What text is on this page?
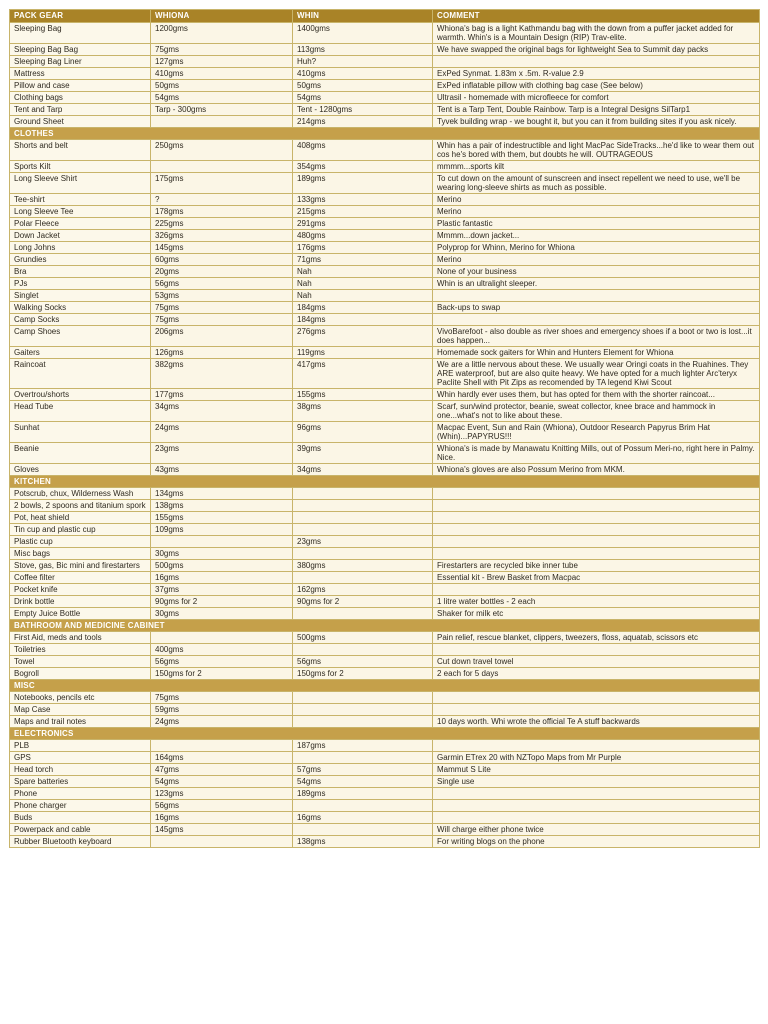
PACK GEAR	WHIONA	WHIN	COMMENT
Sleeping Bag	1200gms	1400gms	Whiona's bag is a light Kathmandu bag with the down from a puffer jacket added for warmth. Whin's is a Mountain Design (RIP) Trav-elite.
Sleeping Bag Bag	75gms	113gms	We have swapped the original bags for lightweight Sea to Summit day packs
Sleeping Bag Liner	127gms	Huh?	
Mattress	410gms	410gms	ExPed Synmat. 1.83m x .5m. R-value 2.9
Pillow and case	50gms	50gms	ExPed inflatable pillow with clothing bag case (See below)
Clothing bags	54gms	54gms	Ultrasil - homemade with microfleece for comfort
Tent and Tarp	Tarp - 300gms	Tent - 1280gms	Tent is a Tarp Tent, Double Rainbow. Tarp is a Integral Designs SilTarp1
Ground Sheet		214gms	Tyvek building wrap - we bought it, but you can it from building sites if you ask nicely.
CLOTHES			
Shorts and belt	250gms	408gms	Whin has a pair of indestructible and light MacPac SideTracks...he'd like to wear them out cos he's bored with them, but doubts he will. OUTRAGEOUS
Sports Kilt		354gms	mmmm...sports kilt
Long Sleeve Shirt	175gms	189gms	To cut down on the amount of sunscreen and insect repellent we need to use, we'll be wearing long-sleeve shirts as much as possible.
Tee-shirt	?	133gms	Merino
Long Sleeve Tee	178gms	215gms	Merino
Polar Fleece	225gms	291gms	Plastic fantastic
Down Jacket	326gms	480gms	Mmmm...down jacket...
Long Johns	145gms	176gms	Polyprop for Whinn, Merino for Whiona
Grundies	60gms	71gms	Merino
Bra	20gms	Nah	None of your business
PJs	56gms	Nah	Whin is an ultralight sleeper.
Singlet	53gms	Nah	
Walking Socks	75gms	184gms	Back-ups to swap
Camp Socks	75gms	184gms	
Camp Shoes	206gms	276gms	VivoBarefoot - also double as river shoes and emergency shoes if a boot or two is lost...it does happen...
Gaiters	126gms	119gms	Homemade sock gaiters for Whin and Hunters Element for Whiona
Raincoat	382gms	417gms	We are a little nervous about these. We usually wear Oringi coats in the Ruahines. They ARE waterproof, but are also quite heavy. We have opted for a much lighter Arc'teryx Paclite Shell with Pit Zips as recomended by TA legend Kiwi Scout
Overtrou/shorts	177gms	155gms	Whin hardly ever uses them, but has opted for them with the shorter raincoat...
Head Tube	34gms	38gms	Scarf, sun/wind protector, beanie, sweat collector, knee brace and hammock in one...what's not to like about these.
Sunhat	24gms	96gms	Macpac Event, Sun and Rain (Whiona), Outdoor Research Papyrus Brim Hat (Whin)...PAPYRUS!!!
Beanie	23gms	39gms	Whiona's is made by Manawatu Knitting Mills, out of Possum Meri-no, right here in Palmy. Nice.
Gloves	43gms	34gms	Whiona's gloves are also Possum Merino from MKM.
KITCHEN			
Potscrub, chux, Wilderness Wash	134gms		
2 bowls, 2 spoons and titanium spork	138gms		
Pot, heat shield	155gms		
Tin cup and plastic cup	109gms		
Plastic cup		23gms	
Misc bags	30gms		
Stove, gas, Bic mini and firestarters	500gms	380gms	Firestarters are recycled bike inner tube
Coffee filter	16gms		Essential kit - Brew Basket from Macpac
Pocket knife	37gms	162gms	
Drink bottle	90gms for 2	90gms for 2	1 litre water bottles - 2 each
Empty Juice Bottle	30gms		Shaker for milk etc
BATHROOM AND MEDICINE CABINET			
First Aid, meds and tools		500gms	Pain relief, rescue blanket, clippers, tweezers, floss, aquatab, scissors etc
Toiletries	400gms		
Towel	56gms	56gms	Cut down travel towel
Bogroll	150gms for 2	150gms for 2	2 each for 5 days
MISC			
Notebooks, pencils etc	75gms		
Map Case	59gms		
Maps and trail notes	24gms		10 days worth. Whi wrote the official Te A stuff backwards
ELECTRONICS			
PLB		187gms	
GPS	164gms		Garmin ETrex 20 with NZTopo Maps from Mr Purple
Head torch	47gms	57gms	Mammut S Lite
Spare batteries	54gms	54gms	Single use
Phone	123gms	189gms	
Phone charger	56gms		
Buds	16gms	16gms	
Powerpack and cable	145gms		Will charge either phone twice
Rubber Bluetooth keyboard		138gms	For writing blogs on the phone
